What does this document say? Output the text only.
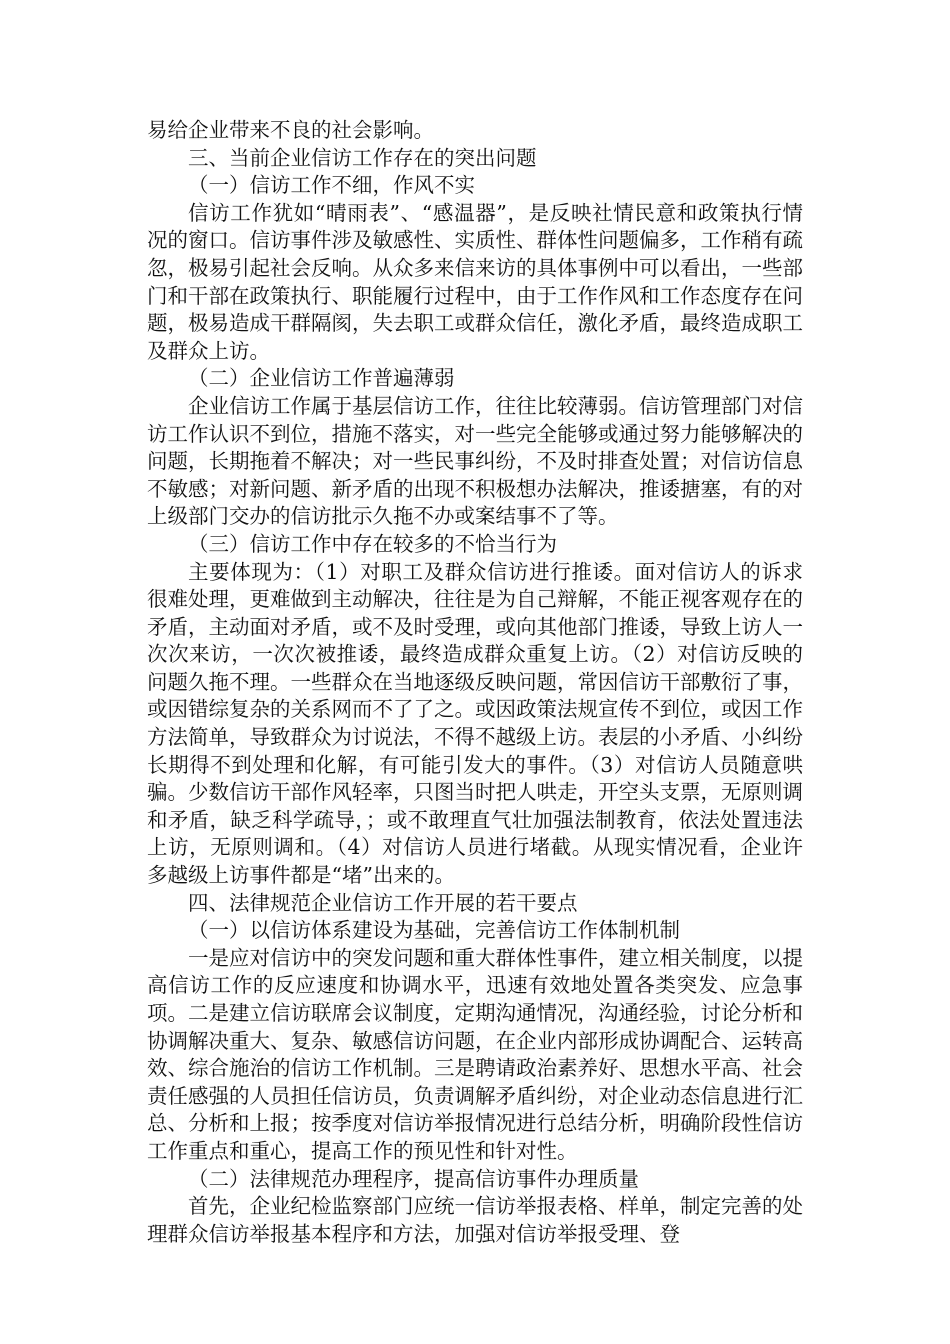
易给企业带来不良的社会影响。

三、当前企业信访工作存在的突出问题

（一）信访工作不细，作风不实

信访工作犹如“晴雨表”、“感温器”，是反映社情民意和政策执行情况的窗口。信访事件涉及敏感性、实质性、群体性问题偏多，工作稍有疏忽，极易引起社会反响。从众多来信来访的具体事例中可以看出，一些部门和干部在政策执行、职能履行过程中，由于工作作风和工作态度存在问题，极易造成干群隔阂，失去职工或群众信任，激化矛盾，最终造成职工及群众上访。

（二）企业信访工作普遍薄弱

企业信访工作属于基层信访工作，往往比较薄弱。信访管理部门对信访工作认识不到位，措施不落实，对一些完全能够或通过努力能够解决的问题，长期拖着不解决；对一些民事纠纷，不及时排查处置；对信访信息不敏感；对新问题、新矛盾的出现不积极想办法解决，推诿搪塞，有的对上级部门交办的信访批示久拖不办或案结事不了等。

（三）信访工作中存在较多的不恰当行为

主要体现为：（1）对职工及群众信访进行推诿。面对信访人的诉求很难处理，更难做到主动解决，往往是为自己辩解，不能正视客观存在的矛盾，主动面对矛盾，或不及时受理，或向其他部门推诿，导致上访人一次次来访，一次次被推诿，最终造成群众重复上访。（2）对信访反映的问题久拖不理。一些群众在当地逐级反映问题，常因信访干部敷衍了事，或因错综复杂的关系网而不了了之。或因政策法规宣传不到位，或因工作方法简单，导致群众为讨说法，不得不越级上访。表层的小矛盾、小纠纷长期得不到处理和化解，有可能引发大的事件。（3）对信访人员随意哄骗。少数信访干部作风轻率，只图当时把人哄走，开空头支票，无原则调和矛盾，缺乏科学疏导，；或不敢理直气壮加强法制教育，依法处置违法上访，无原则调和。（4）对信访人员进行堵截。从现实情况看，企业许多越级上访事件都是“堵”出来的。

四、法律规范企业信访工作开展的若干要点

（一）以信访体系建设为基础，完善信访工作体制机制

一是应对信访中的突发问题和重大群体性事件，建立相关制度，以提高信访工作的反应速度和协调水平，迅速有效地处置各类突发、应急事项。二是建立信访联席会议制度，定期沟通情况，沟通经验，讨论分析和协调解决重大、复杂、敏感信访问题，在企业内部形成协调配合、运转高效、综合施治的信访工作机制。三是聘请政治素养好、思想水平高、社会责任感强的人员担任信访员，负责调解矛盾纠纷，对企业动态信息进行汇总、分析和上报；按季度对信访举报情况进行总结分析，明确阶段性信访工作重点和重心，提高工作的预见性和针对性。

（二）法律规范办理程序，提高信访事件办理质量

首先，企业纪检监察部门应统一信访举报表格、样单，制定完善的处理群众信访举报基本程序和方法，加强对信访举报受理、登
